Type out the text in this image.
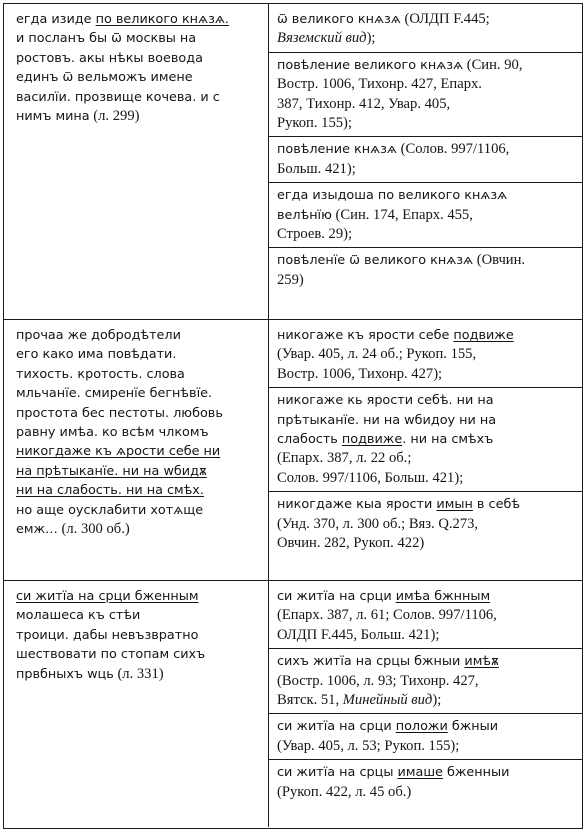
егда изиде по великого кнѧзѧ.
и посланъ бы ѿ москвы на
ростовъ. акы нѣкы воевода
единъ ѿ вельможъ имене
василїи. прозвище кочева. и с
нимъ мина (л. 299)
ѿ великого кнѧзѧ (ОЛДП F.445;
Вяземский вид);
повѣление великого кнѧзѧ (Син. 90,
Востр. 1006, Тихонр. 427, Епарх.
387, Тихонр. 412, Увар. 405,
Рукоп. 155);
повѣление кнѧзѧ (Солов. 997/1106,
Больш. 421);
егда изыдоша по великого кнѧзѧ
велѣнїю (Син. 174, Епарх. 455,
Строев. 29);
повѣленїе ѿ великого кнѧзѧ (Овчин.
259)
прочаа же добродѣтели
его како има повѣдати.
тихость. кротость. слова
мльчанїе. смиренїе бегнѣвїе.
простота бес пестоты. любовь
равну имѣа. ко всѣм члкомъ
никогдаже къ ѧрости себе ни
на прѣтыканїе. ни на wбидѫ
ни на слабость. ни на смѣх.
но аще оусклабити хотѧще
емж… (л. 300 об.)
никогаже къ ярости себе подвиже
(Увар. 405, л. 24 об.; Рукоп. 155,
Востр. 1006, Тихонр. 427);
никогаже кь ярости себѣ. ни на
прѣтыканїе. ни на wбидоу ни на
слабость подвиже. ни на смѣхъ
(Епарх. 387, л. 22 об.;
Солов. 997/1106, Больш. 421);
никогдаже кыа ярости имын в себѣ
(Унд. 370, л. 300 об.; Вяз. Q.273,
Овчин. 282, Рукоп. 422)
си житїа на срци бженным
молашеса къ стѣи
троици. дабы невъзвратно
шествовати по стопам сихъ
првбныхъ wць (л. 331)
си житїа на срци имѣа бжнным
(Епарх. 387, л. 61; Солов. 997/1106,
ОЛДП F.445, Больш. 421);
сихъ житїа на срцы бжныи имѣѫ
(Востр. 1006, л. 93; Тихонр. 427,
Вятск. 51, Минейный вид);
си житїа на срци положи бжныи
(Увар. 405, л. 53; Рукоп. 155);
си житїа на срцы имаше бженныи
(Рукоп. 422, л. 45 об.)
